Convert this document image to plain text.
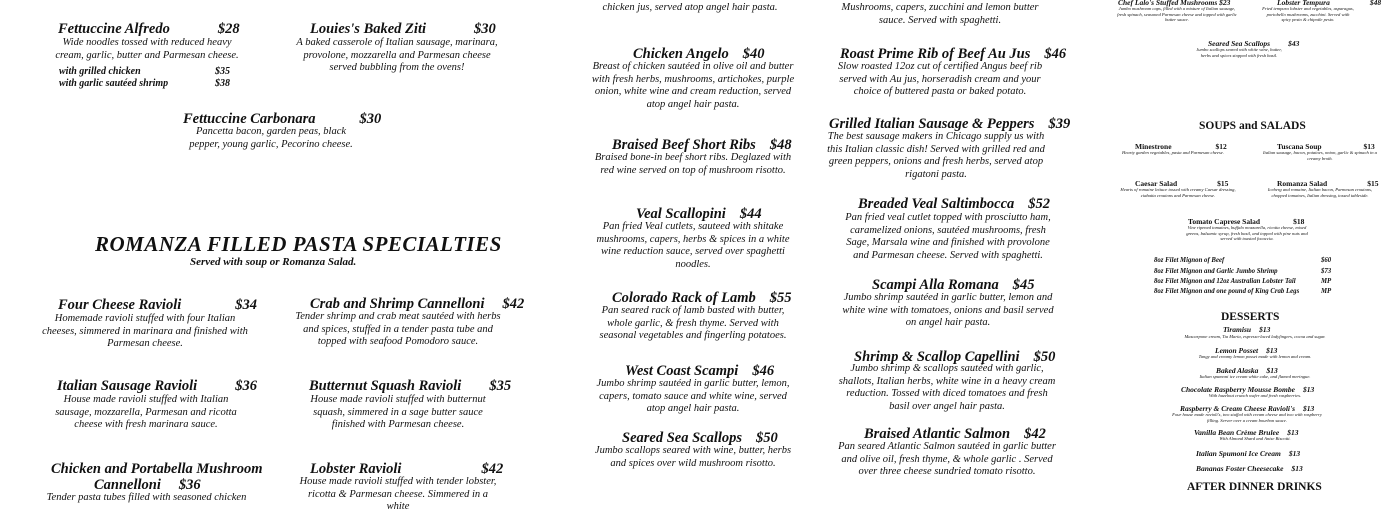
Fettuccine Alfredo	$28
Wide noodles tossed with reduced heavy cream, garlic, butter and Parmesan cheese.
with grilled chicken	$35
with garlic sautéed shrimp	$38
Louies's Baked Ziti	$30
A baked casserole of Italian sausage, marinara, provolone, mozzarella and Parmesan cheese served bubbling from the ovens!
Fettuccine Carbonara	$30
Pancetta bacon, garden peas, black pepper, young garlic, Pecorino cheese.
ROMANZA FILLED PASTA SPECIALTIES
Served with soup or Romanza Salad.
Four Cheese Ravioli	$34
Homemade ravioli stuffed with four Italian cheeses, simmered in marinara and finished with Parmesan cheese.
Crab and Shrimp Cannelloni $42
Tender shrimp and crab meat sautéed with herbs and spices, stuffed in a tender pasta tube and topped with seafood Pomodoro sauce.
Italian Sausage Ravioli	$36
House made ravioli stuffed with Italian sausage, mozzarella, Parmesan and ricotta cheese with fresh marinara sauce.
Butternut Squash Ravioli $35
House made ravioli stuffed with butternut squash, simmered in a sage butter sauce finished with Parmesan cheese.
Chicken and Portabella Mushroom
Cannelloni $36
Tender pasta tubes filled with seasoned chicken
Lobster Ravioli	$42
House made ravioli stuffed with tender lobster, ricotta & Parmesan cheese. Simmered in a white
chicken jus, served atop angel hair pasta.
Chicken Angelo $40
Breast of chicken sautéed in olive oil and butter with fresh herbs, mushrooms, artichokes, purple onion, white wine and cream reduction, served atop angel hair pasta.
Braised Beef Short Ribs $48
Braised bone-in beef short ribs. Deglazed with red wine served on top of mushroom risotto.
Veal Scallopini $44
Pan fried Veal cutlets, sauteed with shitake mushrooms, capers, herbs & spices in a white wine reduction sauce, served over spaghetti noodles.
Colorado Rack of Lamb $55
Pan seared rack of lamb basted with butter, whole garlic, & fresh thyme. Served with seasonal vegetables and fingerling potatoes.
West Coast Scampi $46
Jumbo shrimp sautéed in garlic butter, lemon, capers, tomato sauce and white wine, served atop angel hair pasta.
Seared Sea Scallops $50
Jumbo scallops seared with wine, butter, herbs and spices over wild mushroom risotto.
Mushrooms, capers, zucchini and lemon butter sauce. Served with spaghetti.
Roast Prime Rib of Beef Au Jus $46
Slow roasted 12oz cut of certified Angus beef rib served with Au jus, horseradish cream and your choice of buttered pasta or baked potato.
Grilled Italian Sausage & Peppers $39
The best sausage makers in Chicago supply us with this Italian classic dish! Served with grilled red and green peppers, onions and fresh herbs, served atop rigatoni pasta.
Breaded Veal Saltimbocca $52
Pan fried veal cutlet topped with prosciutto ham, caramelized onions, sautéed mushrooms, fresh Sage, Marsala wine and finished with provolone and Parmesan cheese. Served with spaghetti.
Scampi Alla Romana $45
Jumbo shrimp sautéed in garlic butter, lemon and white wine with tomatoes, onions and basil served on angel hair pasta.
Shrimp & Scallop Capellini $50
Jumbo shrimp & scallops sautéed with garlic, shallots, Italian herbs, white wine in a heavy cream reduction. Tossed with diced tomatoes and fresh basil over angel hair pasta.
Braised Atlantic Salmon $42
Pan seared Atlantic Salmon sautéed in garlic butter and olive oil, fresh thyme, & whole garlic . Served over three cheese sundried tomato risotto.
Chef Lalo's Stuffed Mushrooms $23
Jumbo mushroom caps, filled with a mixture of Italian sausage, fresh spinach, seasoned Parmesan cheese and topped with garlic butter sauce.
Lobster Tempura	$48
Fried tempura lobster and vegetables, asparagus, portobello mushrooms, zucchini. Served with spicy pesto & chipotle pesto.
Seared Sea Scallops $43
Jumbo scallops seared with white wine, butter, herbs and spices stopped with fresh basil.
SOUPS and SALADS
Minestrone	$12
Hearty garden vegetables, pasta and Parmesan cheese.
Tuscana Soup	$13
Italian sausage, bacon, potatoes, onion, garlic & spinach in a creamy broth.
Caesar Salad	$15
Hearts of romaine lettuce tossed with creamy Caesar dressing, ciabatta croutons and Parmesan cheese.
Romanza Salad	$15
Iceberg and romaine, Italian bacon, Parmesan croutons, chopped tomatoes, Italian dressing, tossed tableside.
Tomato Caprese Salad	$18
Vine ripened tomatoes, buffalo mozzarella, ricotta cheese, mixed greens, balsamic syrup, fresh basil, and topped with pine nuts and served with toasted focaccia.
8oz Filet Mignon of Beef	$60
8oz Filet Mignon and Garlic Jumbo Shrimp	$73
8oz Filet Mignon and 12oz Australian Lobster Tail	MP
8oz Filet Mignon and one pound of King Crab Legs	MP
DESSERTS
Tiramisu $13
Mascarpone cream, Tia Maria, espresso-laced ladyfingers, cocoa and sugar.
Lemon Posset $13
Tangy and creamy lemon posset made with lemon and cream.
Baked Alaska $13
Italian spumoni ice cream white cake, and flamed meringue.
Chocolate Raspberry Mousse Bombe $13
With hazelnut crunch wafer and fresh raspberries.
Raspberry & Cream Cheese Ravioli's $13
Four house made ravioli's, two stuffed with cream cheese and two with raspberry filling. Server over a cream bourbon sauce.
Vanilla Bean Crème Brulee $13
With Almond Shard and Anise Biscotti.
Italian Spumoni Ice Cream $13
Bananas Foster Cheesecake $13
AFTER DINNER DRINKS
